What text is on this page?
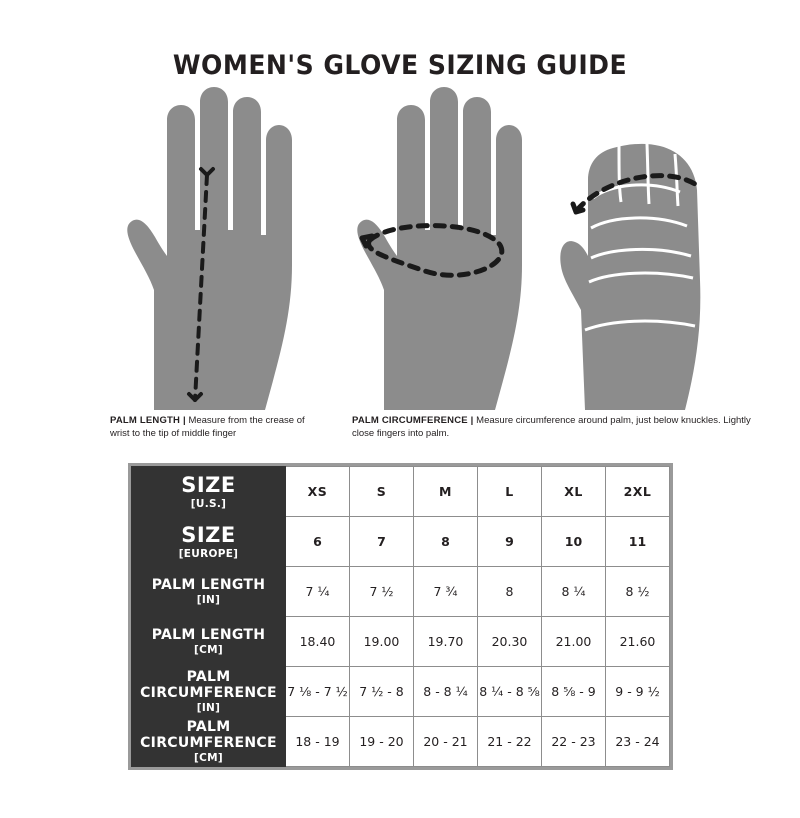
WOMEN'S GLOVE SIZING GUIDE
PALM LENGTH | Measure from the crease of wrist to the tip of middle finger
PALM CIRCUMFERENCE | Measure circumference around palm, just below knuckles. Lightly close fingers into palm.
SIZE
[U.S.]	XS	S	M	L	XL	2XL

SIZE
[EUROPE]	6	7	8	9	10	11

PALM LENGTH
[IN]	7 ¼	7 ½	7 ¾	8	8 ¼	8 ½

PALM LENGTH
[CM]	18.40	19.00	19.70	20.30	21.00	21.60

PALM CIRCUMFERENCE
[IN]	7 ⅛ - 7 ½	7 ½ - 8	8 - 8 ¼	8 ¼ - 8 ⅝	8 ⅝ - 9	9 - 9 ½

PALM CIRCUMFERENCE
[CM]	18 - 19	19 - 20	20 - 21	21 - 22	22 - 23	23 - 24
